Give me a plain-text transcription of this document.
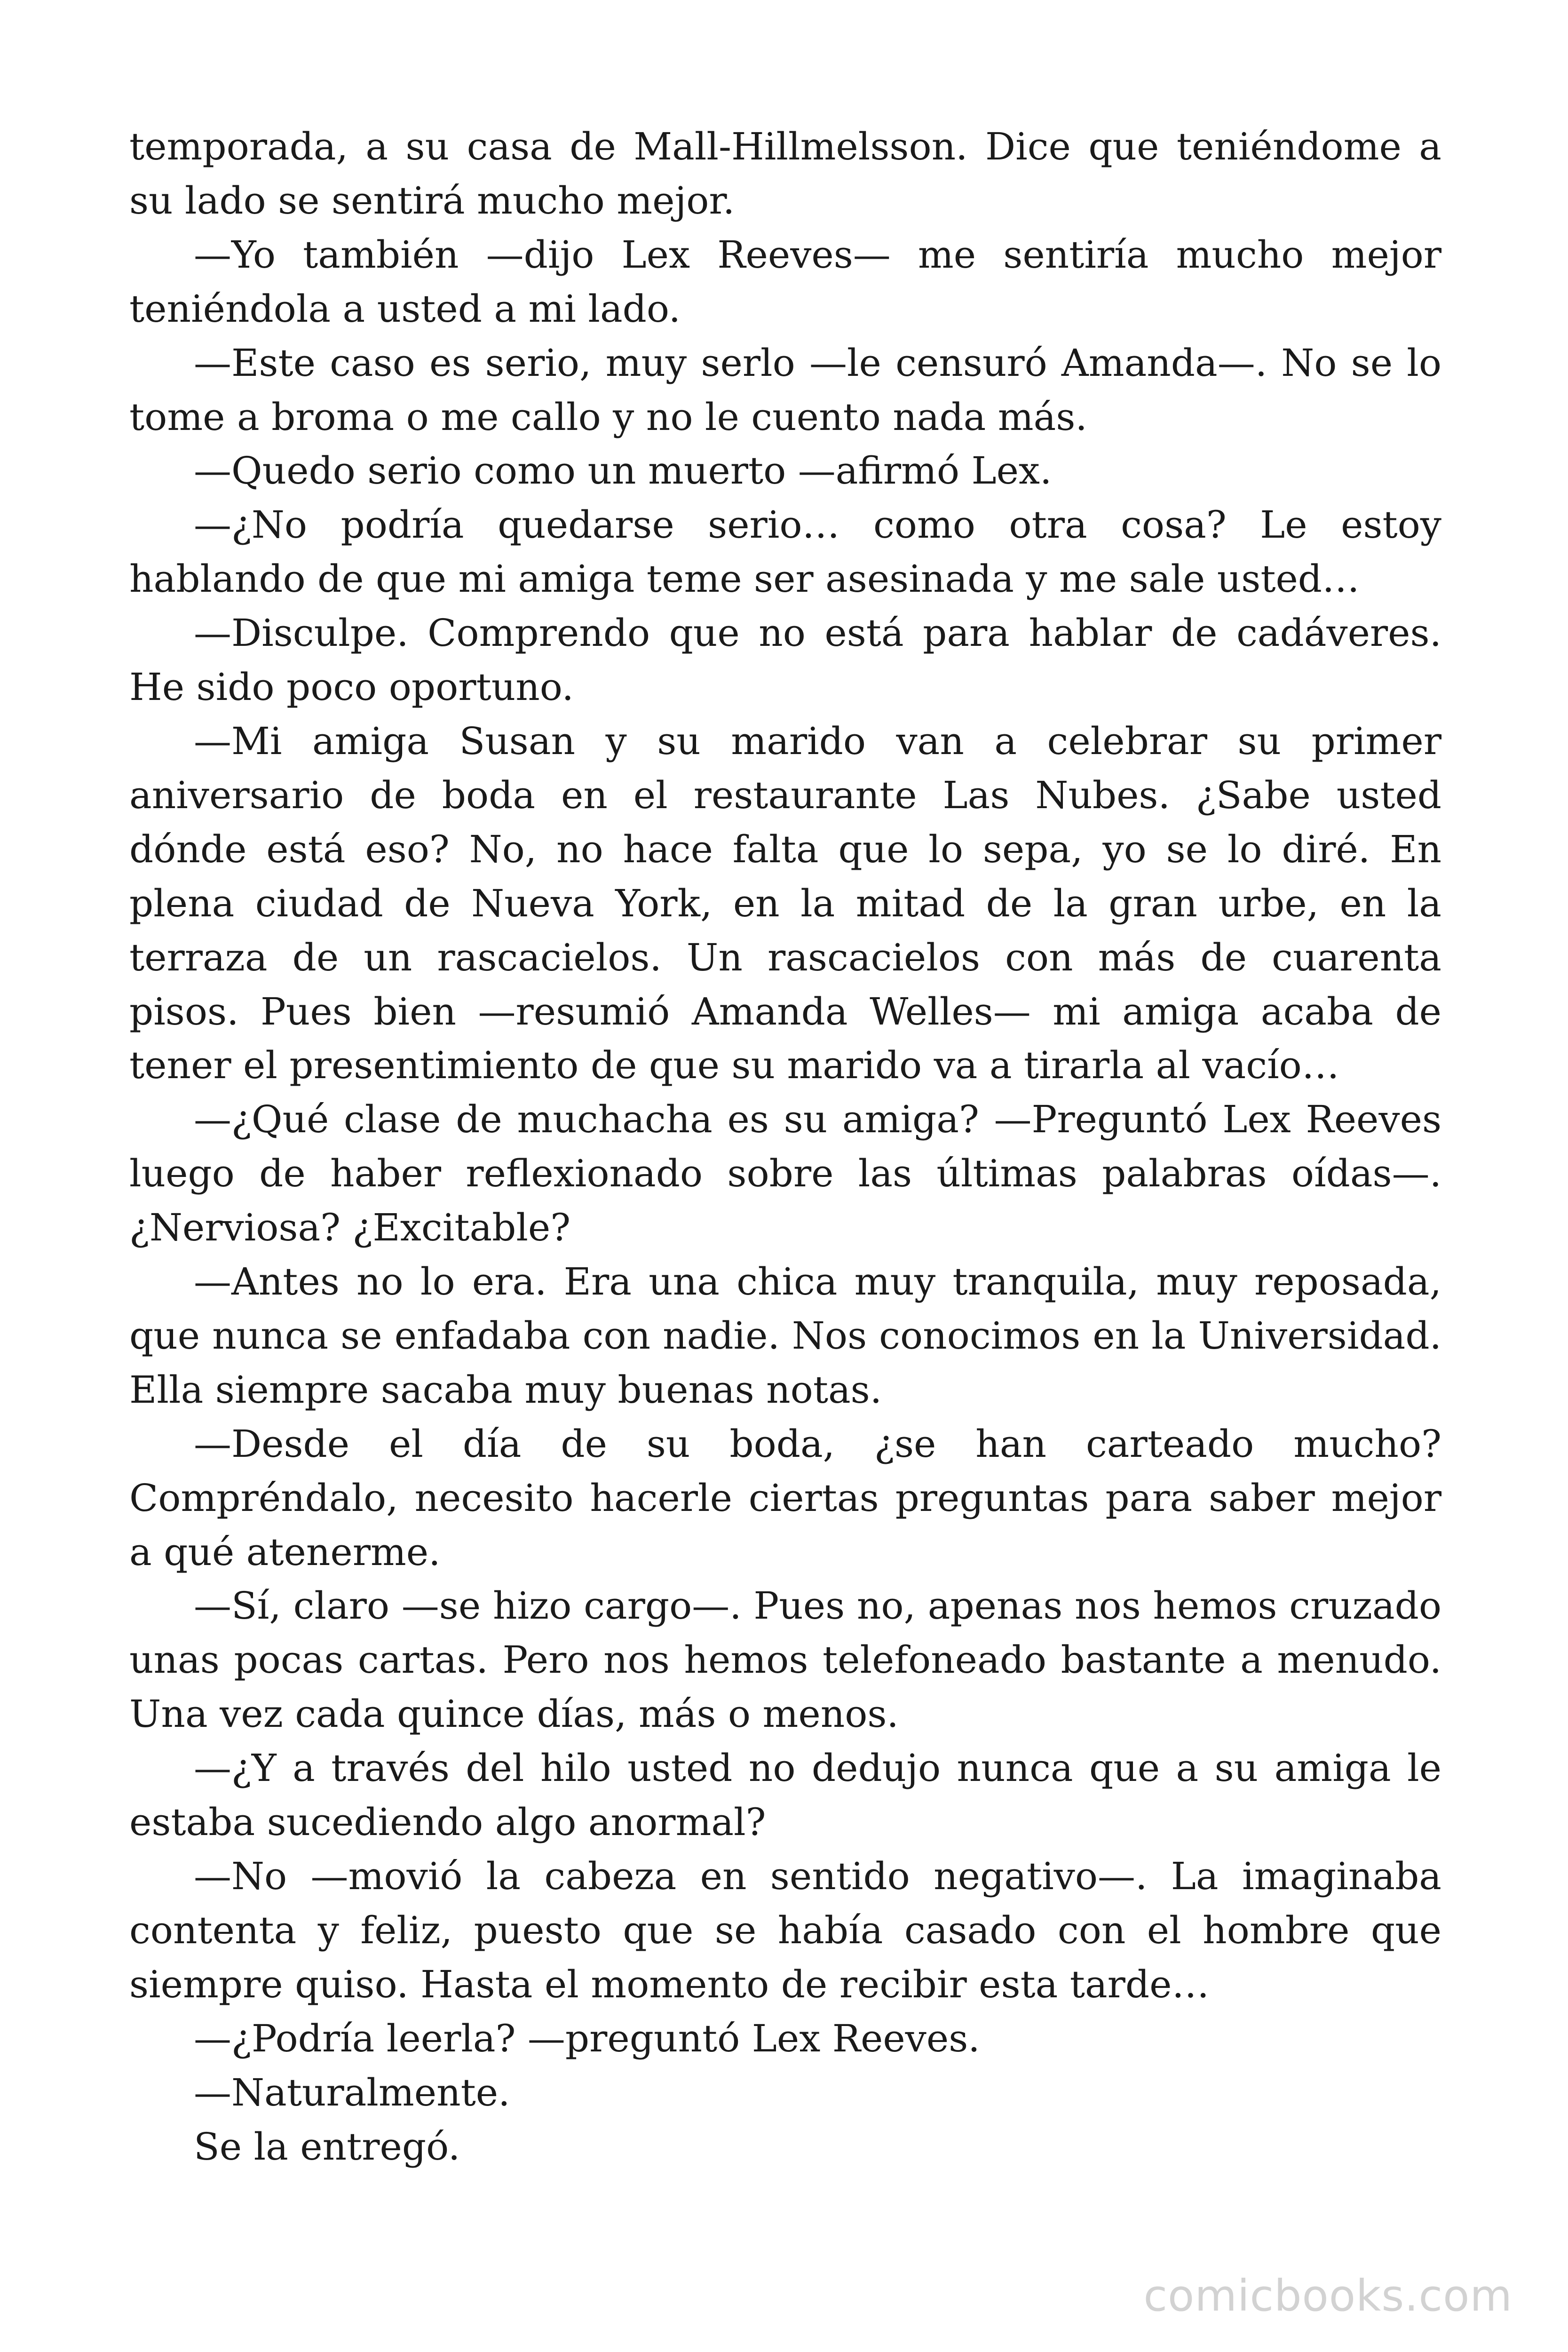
temporada, a su casa de Mall-Hillmelsson. Dice que teniéndome a su lado se sentirá mucho mejor.

—Yo también —dijo Lex Reeves— me sentiría mucho mejor teniéndola a usted a mi lado.

—Este caso es serio, muy serlo —le censuró Amanda—. No se lo tome a broma o me callo y no le cuento nada más.

—Quedo serio como un muerto —afirmó Lex.

—¿No podría quedarse serio… como otra cosa? Le estoy hablando de que mi amiga teme ser asesinada y me sale usted…

—Disculpe. Comprendo que no está para hablar de cadáveres. He sido poco oportuno.

—Mi amiga Susan y su marido van a celebrar su primer aniversario de boda en el restaurante Las Nubes. ¿Sabe usted dónde está eso? No, no hace falta que lo sepa, yo se lo diré. En plena ciudad de Nueva York, en la mitad de la gran urbe, en la terraza de un rascacielos. Un rascacielos con más de cuarenta pisos. Pues bien —resumió Amanda Welles— mi amiga acaba de tener el presentimiento de que su marido va a tirarla al vacío…

—¿Qué clase de muchacha es su amiga? —Preguntó Lex Reeves luego de haber reflexionado sobre las últimas palabras oídas—. ¿Nerviosa? ¿Excitable?

—Antes no lo era. Era una chica muy tranquila, muy reposada, que nunca se enfadaba con nadie. Nos conocimos en la Universidad. Ella siempre sacaba muy buenas notas.

—Desde el día de su boda, ¿se han carteado mucho? Compréndalo, necesito hacerle ciertas preguntas para saber mejor a qué atenerme.

—Sí, claro —se hizo cargo—. Pues no, apenas nos hemos cruzado unas pocas cartas. Pero nos hemos telefoneado bastante a menudo. Una vez cada quince días, más o menos.

—¿Y a través del hilo usted no dedujo nunca que a su amiga le estaba sucediendo algo anormal?

—No —movió la cabeza en sentido negativo—. La imaginaba contenta y feliz, puesto que se había casado con el hombre que siempre quiso. Hasta el momento de recibir esta tarde…

—¿Podría leerla? —preguntó Lex Reeves.

—Naturalmente.

Se la entregó.

comicbooks.com
